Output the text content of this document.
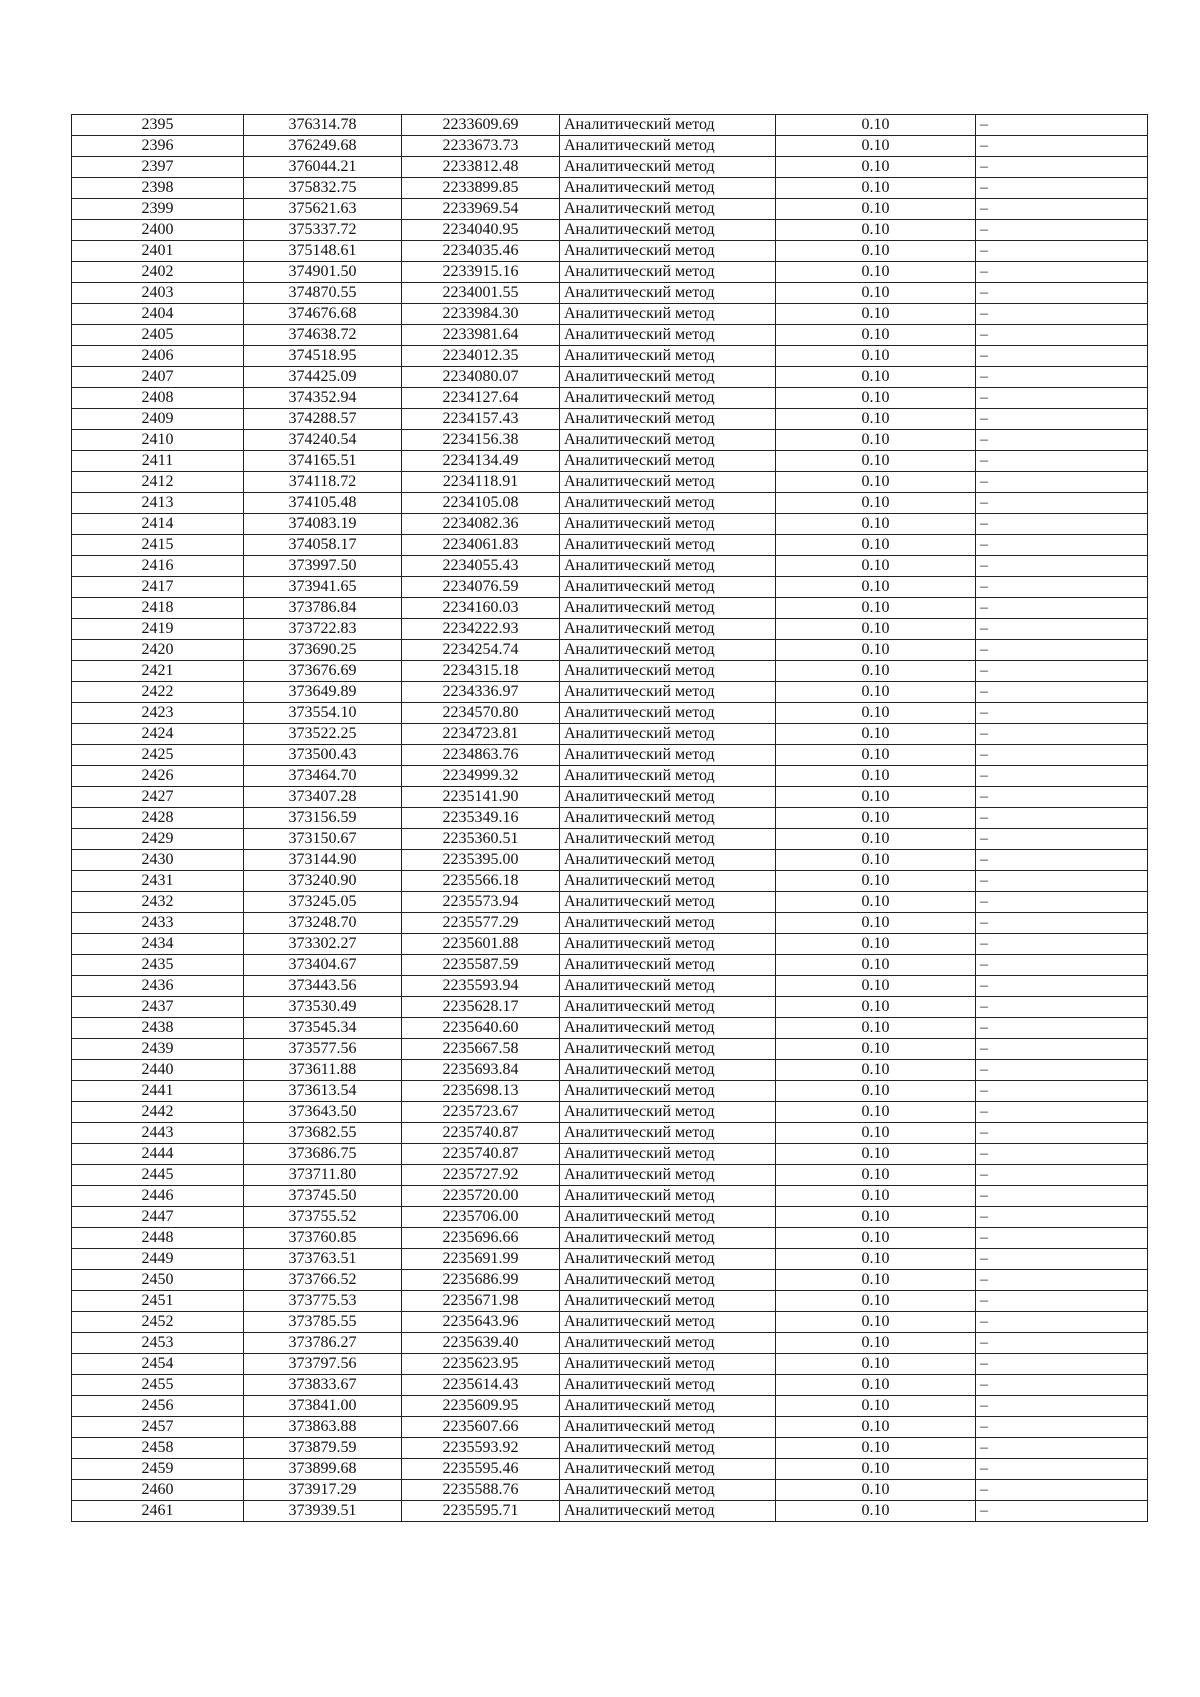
2395	376314.78	2233609.69	Аналитический метод	0.10	–
2396	376249.68	2233673.73	Аналитический метод	0.10	–
2397	376044.21	2233812.48	Аналитический метод	0.10	–
2398	375832.75	2233899.85	Аналитический метод	0.10	–
2399	375621.63	2233969.54	Аналитический метод	0.10	–
2400	375337.72	2234040.95	Аналитический метод	0.10	–
2401	375148.61	2234035.46	Аналитический метод	0.10	–
2402	374901.50	2233915.16	Аналитический метод	0.10	–
2403	374870.55	2234001.55	Аналитический метод	0.10	–
2404	374676.68	2233984.30	Аналитический метод	0.10	–
2405	374638.72	2233981.64	Аналитический метод	0.10	–
2406	374518.95	2234012.35	Аналитический метод	0.10	–
2407	374425.09	2234080.07	Аналитический метод	0.10	–
2408	374352.94	2234127.64	Аналитический метод	0.10	–
2409	374288.57	2234157.43	Аналитический метод	0.10	–
2410	374240.54	2234156.38	Аналитический метод	0.10	–
2411	374165.51	2234134.49	Аналитический метод	0.10	–
2412	374118.72	2234118.91	Аналитический метод	0.10	–
2413	374105.48	2234105.08	Аналитический метод	0.10	–
2414	374083.19	2234082.36	Аналитический метод	0.10	–
2415	374058.17	2234061.83	Аналитический метод	0.10	–
2416	373997.50	2234055.43	Аналитический метод	0.10	–
2417	373941.65	2234076.59	Аналитический метод	0.10	–
2418	373786.84	2234160.03	Аналитический метод	0.10	–
2419	373722.83	2234222.93	Аналитический метод	0.10	–
2420	373690.25	2234254.74	Аналитический метод	0.10	–
2421	373676.69	2234315.18	Аналитический метод	0.10	–
2422	373649.89	2234336.97	Аналитический метод	0.10	–
2423	373554.10	2234570.80	Аналитический метод	0.10	–
2424	373522.25	2234723.81	Аналитический метод	0.10	–
2425	373500.43	2234863.76	Аналитический метод	0.10	–
2426	373464.70	2234999.32	Аналитический метод	0.10	–
2427	373407.28	2235141.90	Аналитический метод	0.10	–
2428	373156.59	2235349.16	Аналитический метод	0.10	–
2429	373150.67	2235360.51	Аналитический метод	0.10	–
2430	373144.90	2235395.00	Аналитический метод	0.10	–
2431	373240.90	2235566.18	Аналитический метод	0.10	–
2432	373245.05	2235573.94	Аналитический метод	0.10	–
2433	373248.70	2235577.29	Аналитический метод	0.10	–
2434	373302.27	2235601.88	Аналитический метод	0.10	–
2435	373404.67	2235587.59	Аналитический метод	0.10	–
2436	373443.56	2235593.94	Аналитический метод	0.10	–
2437	373530.49	2235628.17	Аналитический метод	0.10	–
2438	373545.34	2235640.60	Аналитический метод	0.10	–
2439	373577.56	2235667.58	Аналитический метод	0.10	–
2440	373611.88	2235693.84	Аналитический метод	0.10	–
2441	373613.54	2235698.13	Аналитический метод	0.10	–
2442	373643.50	2235723.67	Аналитический метод	0.10	–
2443	373682.55	2235740.87	Аналитический метод	0.10	–
2444	373686.75	2235740.87	Аналитический метод	0.10	–
2445	373711.80	2235727.92	Аналитический метод	0.10	–
2446	373745.50	2235720.00	Аналитический метод	0.10	–
2447	373755.52	2235706.00	Аналитический метод	0.10	–
2448	373760.85	2235696.66	Аналитический метод	0.10	–
2449	373763.51	2235691.99	Аналитический метод	0.10	–
2450	373766.52	2235686.99	Аналитический метод	0.10	–
2451	373775.53	2235671.98	Аналитический метод	0.10	–
2452	373785.55	2235643.96	Аналитический метод	0.10	–
2453	373786.27	2235639.40	Аналитический метод	0.10	–
2454	373797.56	2235623.95	Аналитический метод	0.10	–
2455	373833.67	2235614.43	Аналитический метод	0.10	–
2456	373841.00	2235609.95	Аналитический метод	0.10	–
2457	373863.88	2235607.66	Аналитический метод	0.10	–
2458	373879.59	2235593.92	Аналитический метод	0.10	–
2459	373899.68	2235595.46	Аналитический метод	0.10	–
2460	373917.29	2235588.76	Аналитический метод	0.10	–
2461	373939.51	2235595.71	Аналитический метод	0.10	–
